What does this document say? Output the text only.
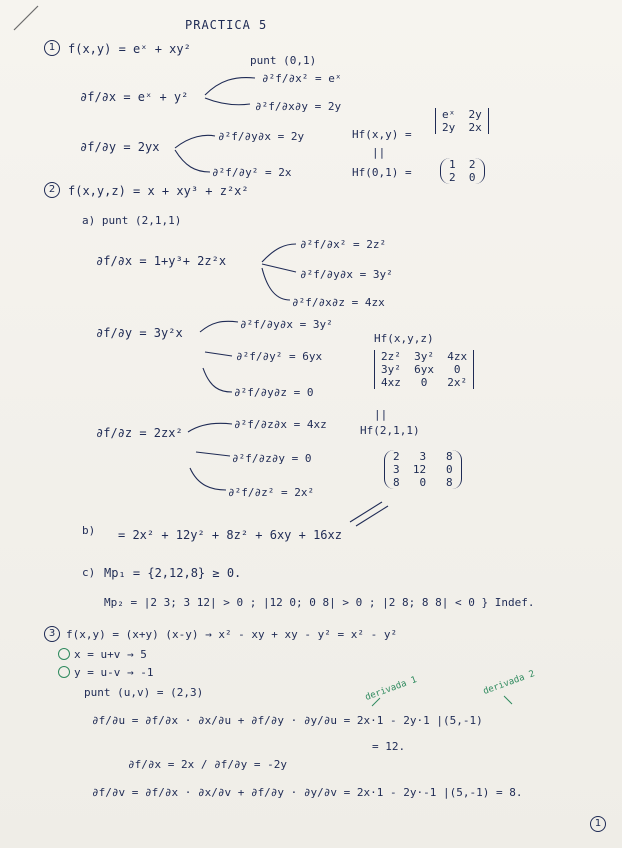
PRACTICA 5
1	f(x,y) = eˣ + xy²
punt (0,1)
∂f/∂x = eˣ + y²
∂²f/∂x² = eˣ
∂²f/∂x∂y = 2y
∂f/∂y = 2yx
∂²f/∂y∂x = 2y
∂²f/∂y² = 2x
Hf(x,y) =
eˣ  2y
2y  2x
||
Hf(0,1) =
1  2
2  0
2	f(x,y,z) = x + xy³ + z²x²
a) punt (2,1,1)
∂f/∂x = 1+y³+ 2z²x
∂²f/∂x² = 2z²
∂²f/∂y∂x = 3y²
∂²f/∂x∂z = 4zx
∂f/∂y = 3y²x
∂²f/∂y∂x = 3y²
∂²f/∂y² = 6yx
∂²f/∂y∂z = 0
Hf(x,y,z)
2z²  3y²  4zx
3y²  6yx   0
4xz   0   2x²
∂f/∂z = 2zx²
∂²f/∂z∂x = 4xz
∂²f/∂z∂y = 0
∂²f/∂z² = 2x²
||
Hf(2,1,1)
2   3   8
3  12   0
8   0   8
b) = 2x² + 12y² + 8z² + 6xy + 16xz
c) Mp₁ = {2,12,8} ≥ 0.
Mp₂ = |2 3; 3 12| > 0 ; |12 0; 0 8| > 0 ; |2 8; 8 8| < 0 } Indef.
3 f(x,y) = (x+y) (x-y) → x² - xy + xy - y² = x² - y²
x = u+v → 5
y = u-v → -1
punt (u,v) = (2,3)	derivada 1	derivada 2
∂f/∂u = ∂f/∂x · ∂x/∂u + ∂f/∂y · ∂y/∂u = 2x·1 - 2y·1 |(5,-1)
= 12.
∂f/∂x = 2x / ∂f/∂y = -2y
∂f/∂v = ∂f/∂x · ∂x/∂v + ∂f/∂y · ∂y/∂v = 2x·1 - 2y·-1 |(5,-1) = 8.
1
